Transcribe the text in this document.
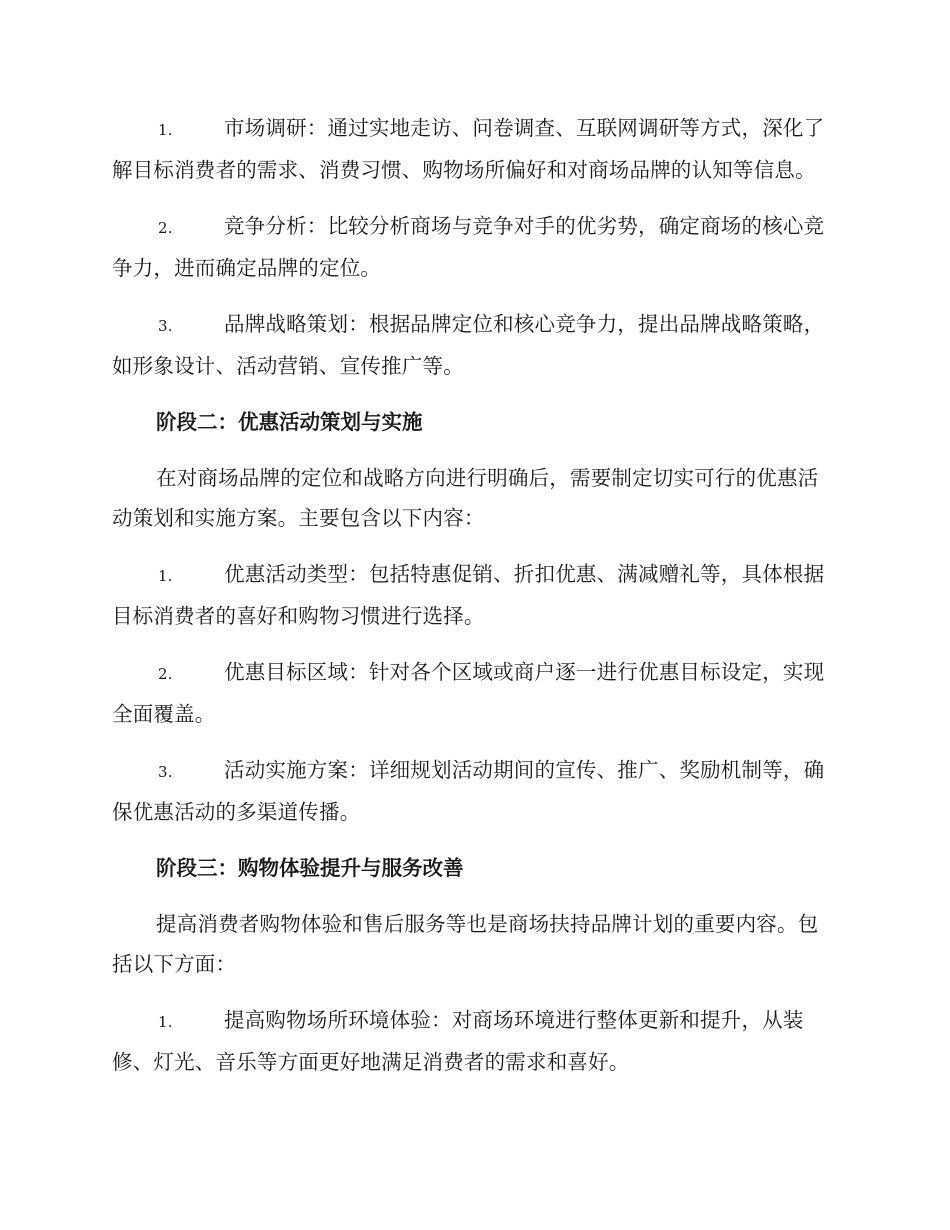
1.	市场调研：通过实地走访、问卷调查、互联网调研等方式，深化了解目标消费者的需求、消费习惯、购物场所偏好和对商场品牌的认知等信息。

2.	竞争分析：比较分析商场与竞争对手的优劣势，确定商场的核心竞争力，进而确定品牌的定位。

3.	品牌战略策划：根据品牌定位和核心竞争力，提出品牌战略策略，如形象设计、活动营销、宣传推广等。

阶段二：优惠活动策划与实施

在对商场品牌的定位和战略方向进行明确后，需要制定切实可行的优惠活动策划和实施方案。主要包含以下内容：

1.	优惠活动类型：包括特惠促销、折扣优惠、满减赠礼等，具体根据目标消费者的喜好和购物习惯进行选择。

2.	优惠目标区域：针对各个区域或商户逐一进行优惠目标设定，实现全面覆盖。

3.	活动实施方案：详细规划活动期间的宣传、推广、奖励机制等，确保优惠活动的多渠道传播。

阶段三：购物体验提升与服务改善

提高消费者购物体验和售后服务等也是商场扶持品牌计划的重要内容。包括以下方面：

1.	提高购物场所环境体验：对商场环境进行整体更新和提升，从装修、灯光、音乐等方面更好地满足消费者的需求和喜好。
